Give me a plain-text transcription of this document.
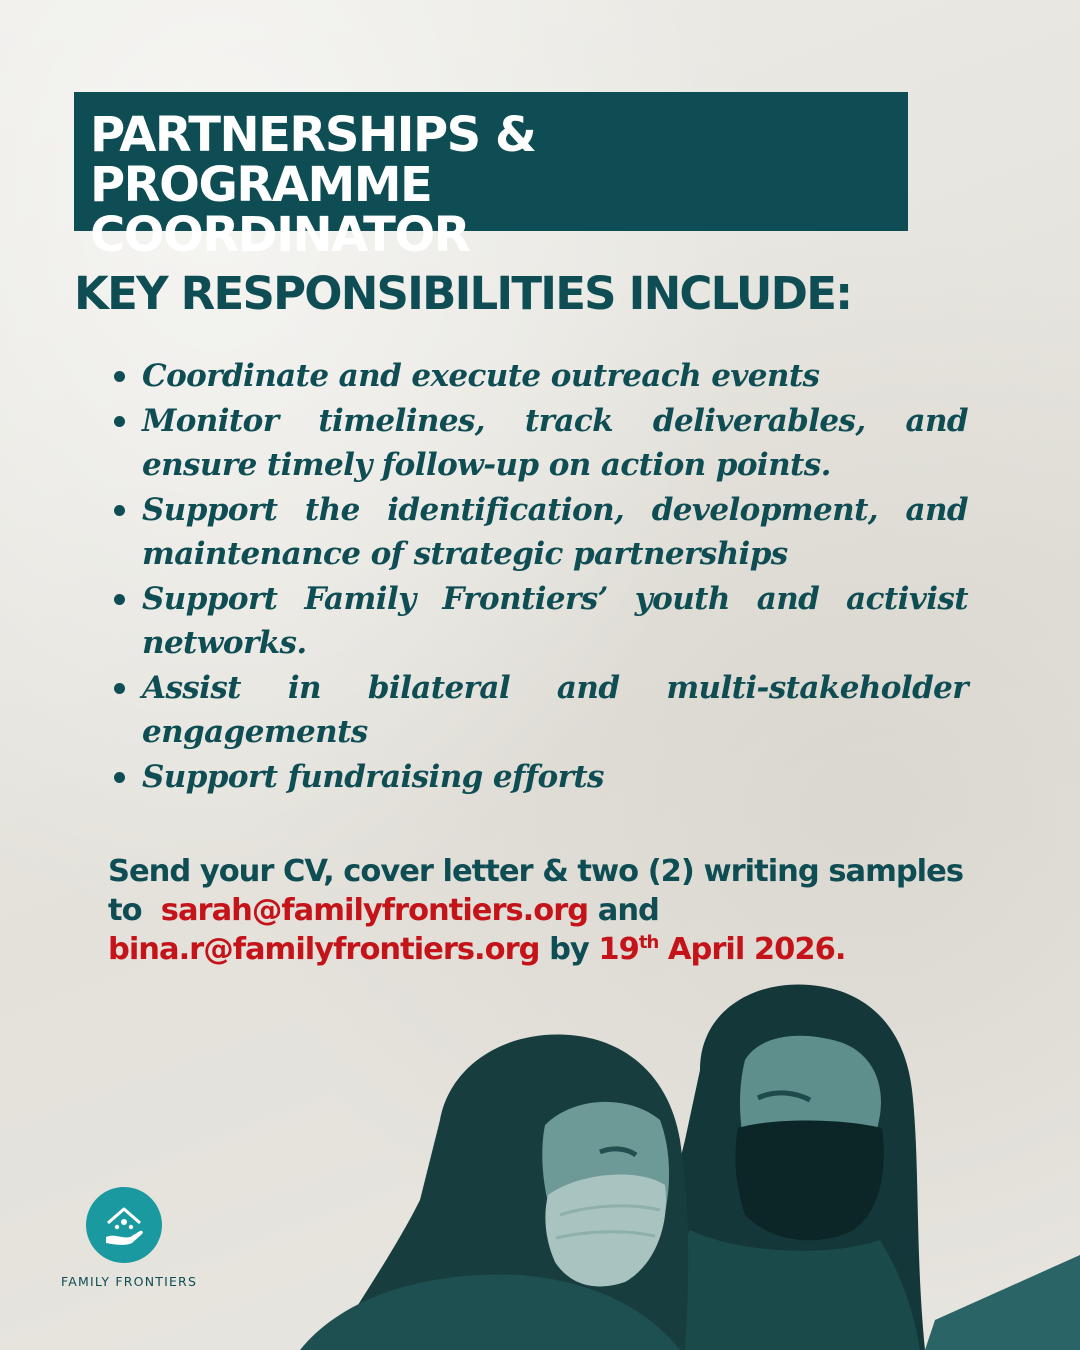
PARTNERSHIPS & PROGRAMME
COORDINATOR
KEY RESPONSIBILITIES INCLUDE:
Coordinate and execute outreach events
Monitor timelines, track deliverables, and ensure timely follow-up on action points.
Support the identification, development, and maintenance of strategic partnerships
Support Family Frontiers’ youth and activist networks.
Assist in bilateral and multi-stakeholder engagements
Support fundraising efforts
Send your CV, cover letter & two (2) writing samples
to sarah@familyfrontiers.org and
bina.r@familyfrontiers.org by 19th April 2026.
FAMILY FRONTIERS
